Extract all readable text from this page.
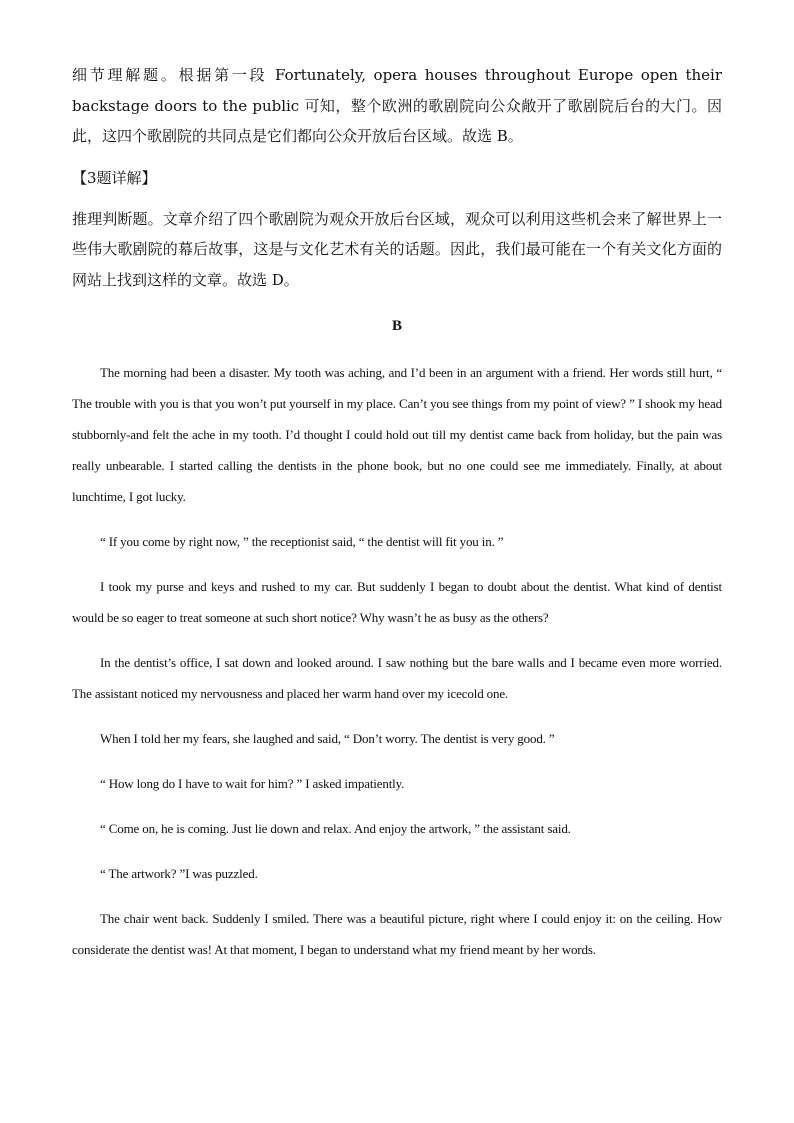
细节理解题。根据第一段 Fortunately, opera houses throughout Europe open their backstage doors to the public 可知，整个欧洲的歌剧院向公众敞开了歌剧院后台的大门。因此，这四个歌剧院的共同点是它们都向公众开放后台区域。故选 B。

【3题详解】

推理判断题。文章介绍了四个歌剧院为观众开放后台区域，观众可以利用这些机会来了解世界上一些伟大歌剧院的幕后故事，这是与文化艺术有关的话题。因此，我们最可能在一个有关文化方面的网站上找到这样的文章。故选 D。

B

The morning had been a disaster. My tooth was aching, and I’d been in an argument with a friend. Her words still hurt, “ The trouble with you is that you won’t put yourself in my place. Can’t you see things from my point of view? ” I shook my head stubbornly-and felt the ache in my tooth. I’d thought I could hold out till my dentist came back from holiday, but the pain was really unbearable. I started calling the dentists in the phone book, but no one could see me immediately. Finally, at about lunchtime, I got lucky.

“ If you come by right now, ” the receptionist said, “ the dentist will fit you in. ”

I took my purse and keys and rushed to my car. But suddenly I began to doubt about the dentist. What kind of dentist would be so eager to treat someone at such short notice? Why wasn’t he as busy as the others?

In the dentist’s office, I sat down and looked around. I saw nothing but the bare walls and I became even more worried. The assistant noticed my nervousness and placed her warm hand over my icecold one.

When I told her my fears, she laughed and said, “ Don’t worry. The dentist is very good. ”

“ How long do I have to wait for him? ” I asked impatiently.

“ Come on, he is coming. Just lie down and relax. And enjoy the artwork, ” the assistant said.

“ The artwork? ”I was puzzled.

The chair went back. Suddenly I smiled. There was a beautiful picture, right where I could enjoy it: on the ceiling. How considerate the dentist was! At that moment, I began to understand what my friend meant by her words.
